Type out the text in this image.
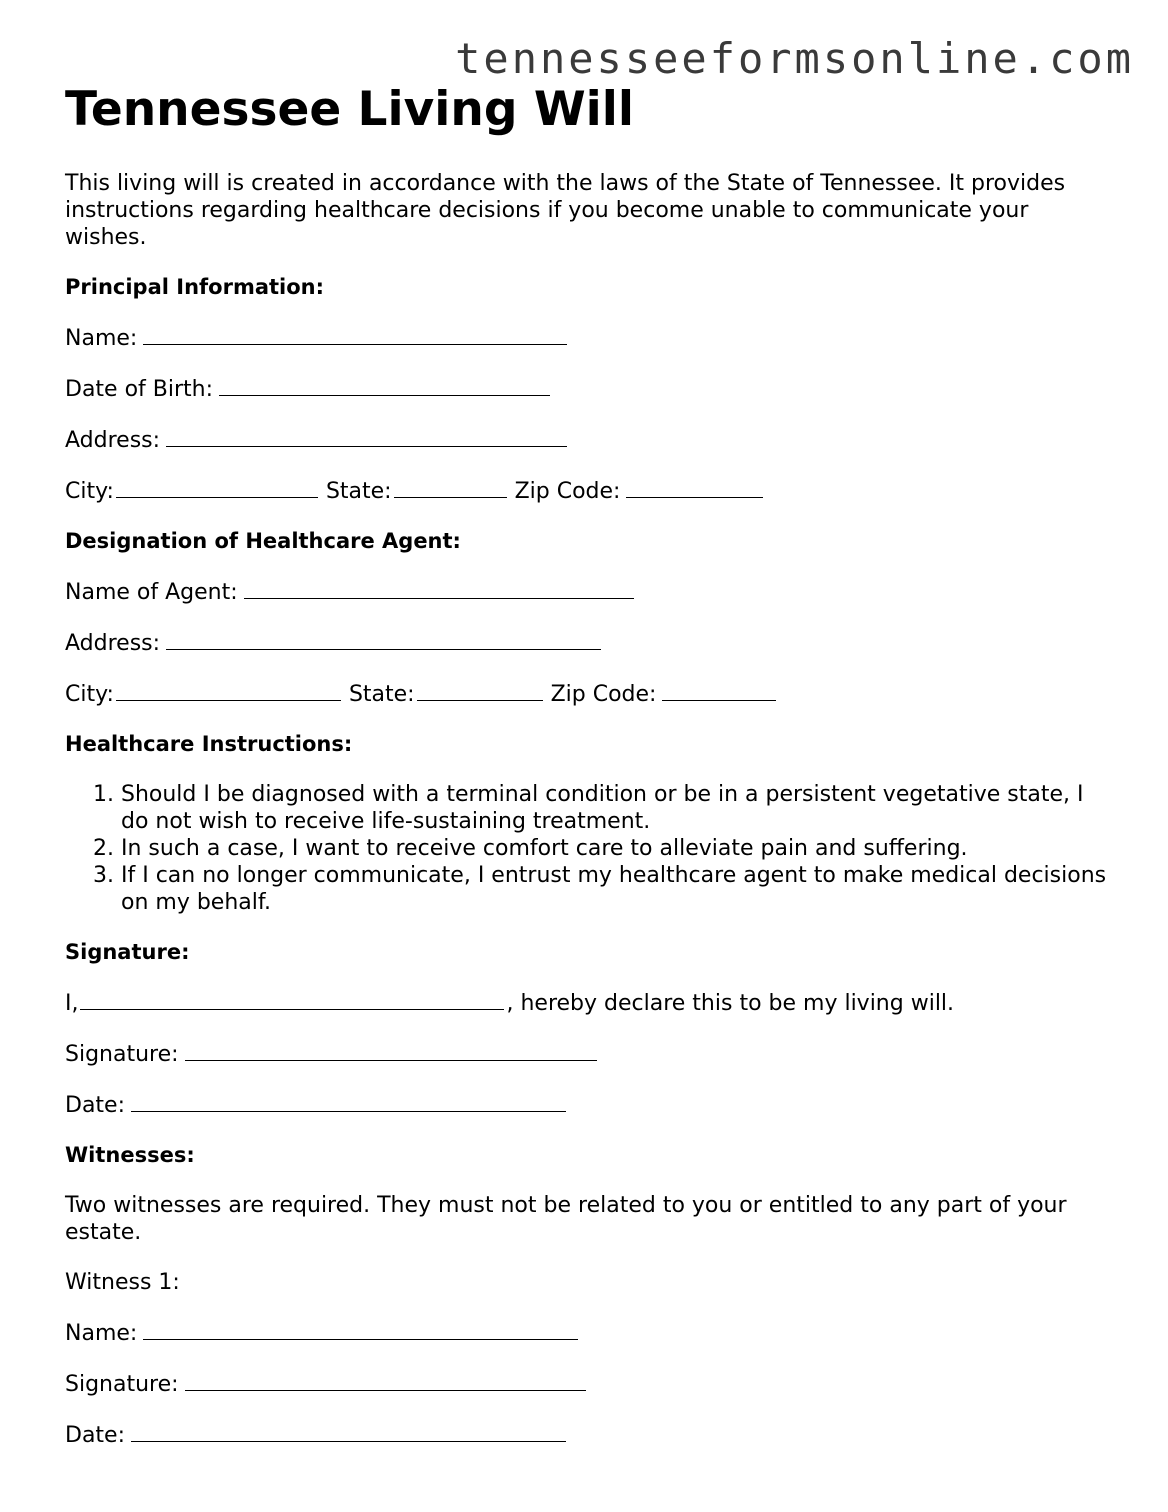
tennesseeformsonline.com
Tennessee Living Will

This living will is created in accordance with the laws of the State of Tennessee. It provides instructions regarding healthcare decisions if you become unable to communicate your wishes.

Principal Information:

Name:

Date of Birth:

Address:

City:	State:	Zip Code:

Designation of Healthcare Agent:

Name of Agent:

Address:

City:	State:	Zip Code:

Healthcare Instructions:

1. Should I be diagnosed with a terminal condition or be in a persistent vegetative state, I do not wish to receive life-sustaining treatment.
2. In such a case, I want to receive comfort care to alleviate pain and suffering.
3. If I can no longer communicate, I entrust my healthcare agent to make medical decisions on my behalf.

Signature:

I,	, hereby declare this to be my living will.

Signature:

Date:

Witnesses:

Two witnesses are required. They must not be related to you or entitled to any part of your estate.

Witness 1:

Name:

Signature:

Date:
